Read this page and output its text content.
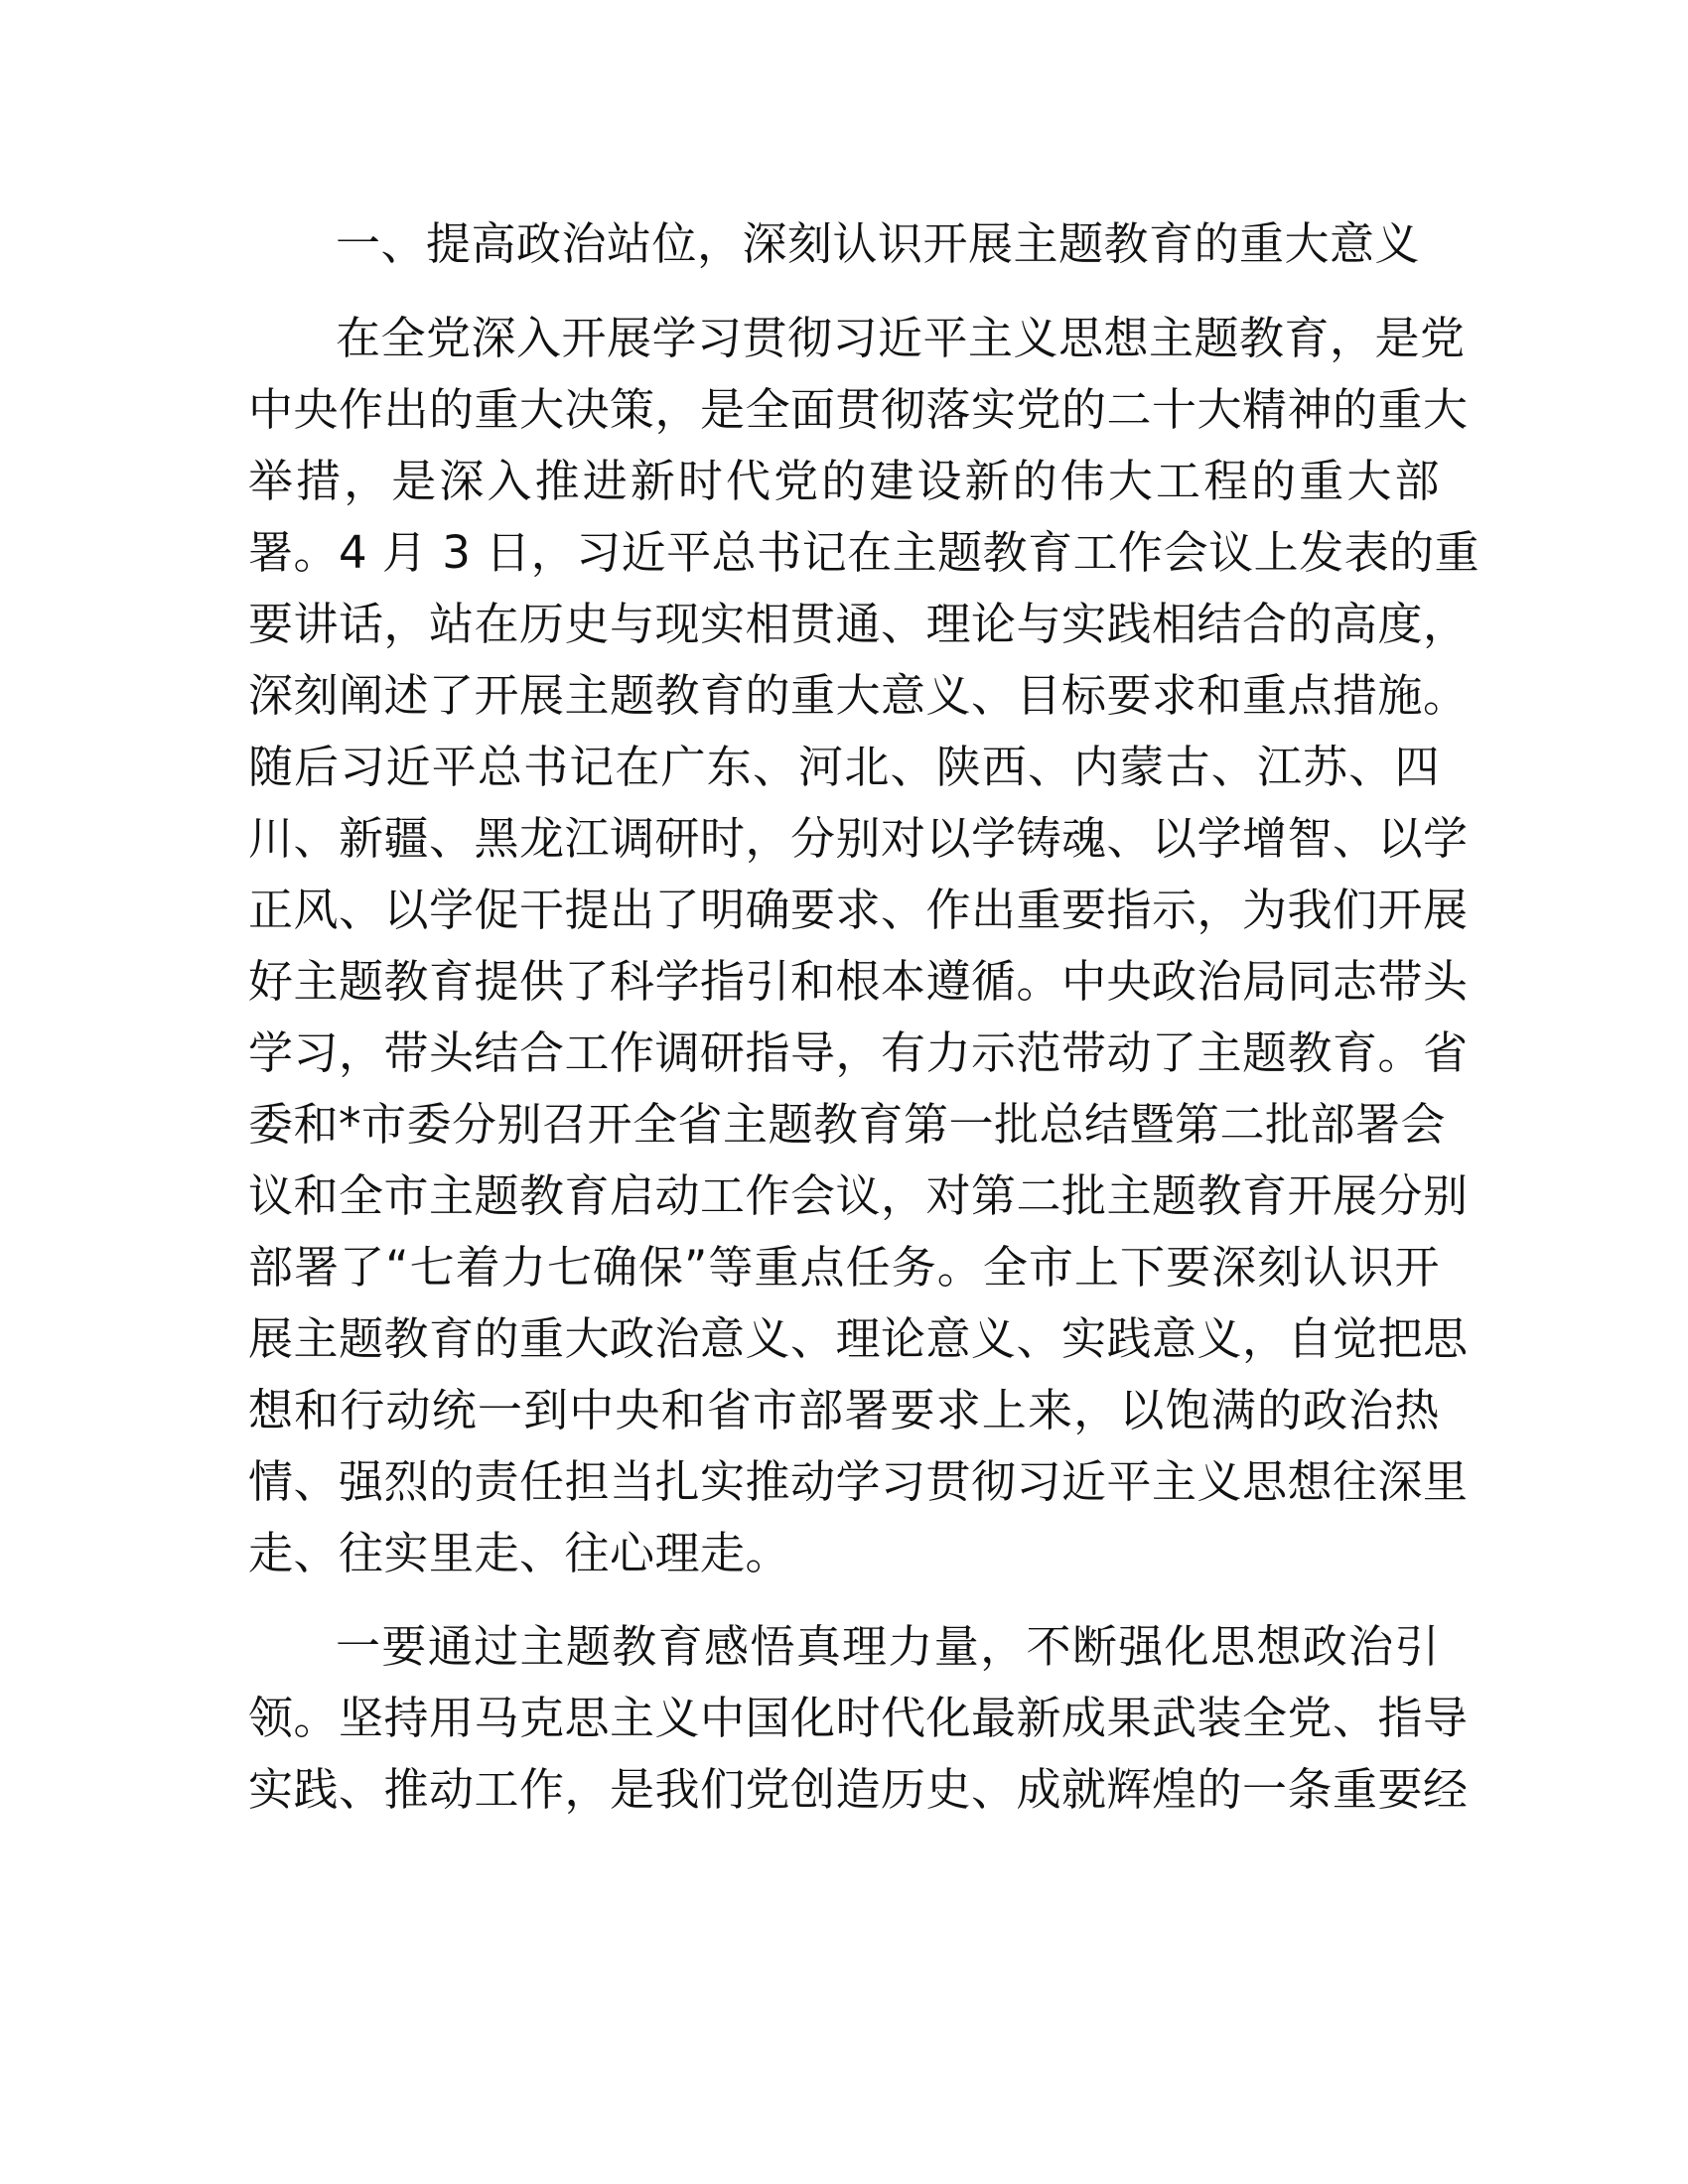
一、提高政治站位，深刻认识开展主题教育的重大意义
在全党深入开展学习贯彻习近平主义思想主题教育，是党
中央作出的重大决策，是全面贯彻落实党的二十大精神的重大
举措，是深入推进新时代党的建设新的伟大工程的重大部
署。4 月 3 日，习近平总书记在主题教育工作会议上发表的重
要讲话，站在历史与现实相贯通、理论与实践相结合的高度，
深刻阐述了开展主题教育的重大意义、目标要求和重点措施。
随后习近平总书记在广东、河北、陕西、内蒙古、江苏、四
川、新疆、黑龙江调研时，分别对以学铸魂、以学增智、以学
正风、以学促干提出了明确要求、作出重要指示，为我们开展
好主题教育提供了科学指引和根本遵循。中央政治局同志带头
学习，带头结合工作调研指导，有力示范带动了主题教育。省
委和*市委分别召开全省主题教育第一批总结暨第二批部署会
议和全市主题教育启动工作会议，对第二批主题教育开展分别
部署了“七着力七确保”等重点任务。全市上下要深刻认识开
展主题教育的重大政治意义、理论意义、实践意义，自觉把思
想和行动统一到中央和省市部署要求上来，以饱满的政治热
情、强烈的责任担当扎实推动学习贯彻习近平主义思想往深里
走、往实里走、往心理走。
一要通过主题教育感悟真理力量，不断强化思想政治引
领。坚持用马克思主义中国化时代化最新成果武装全党、指导
实践、推动工作，是我们党创造历史、成就辉煌的一条重要经
